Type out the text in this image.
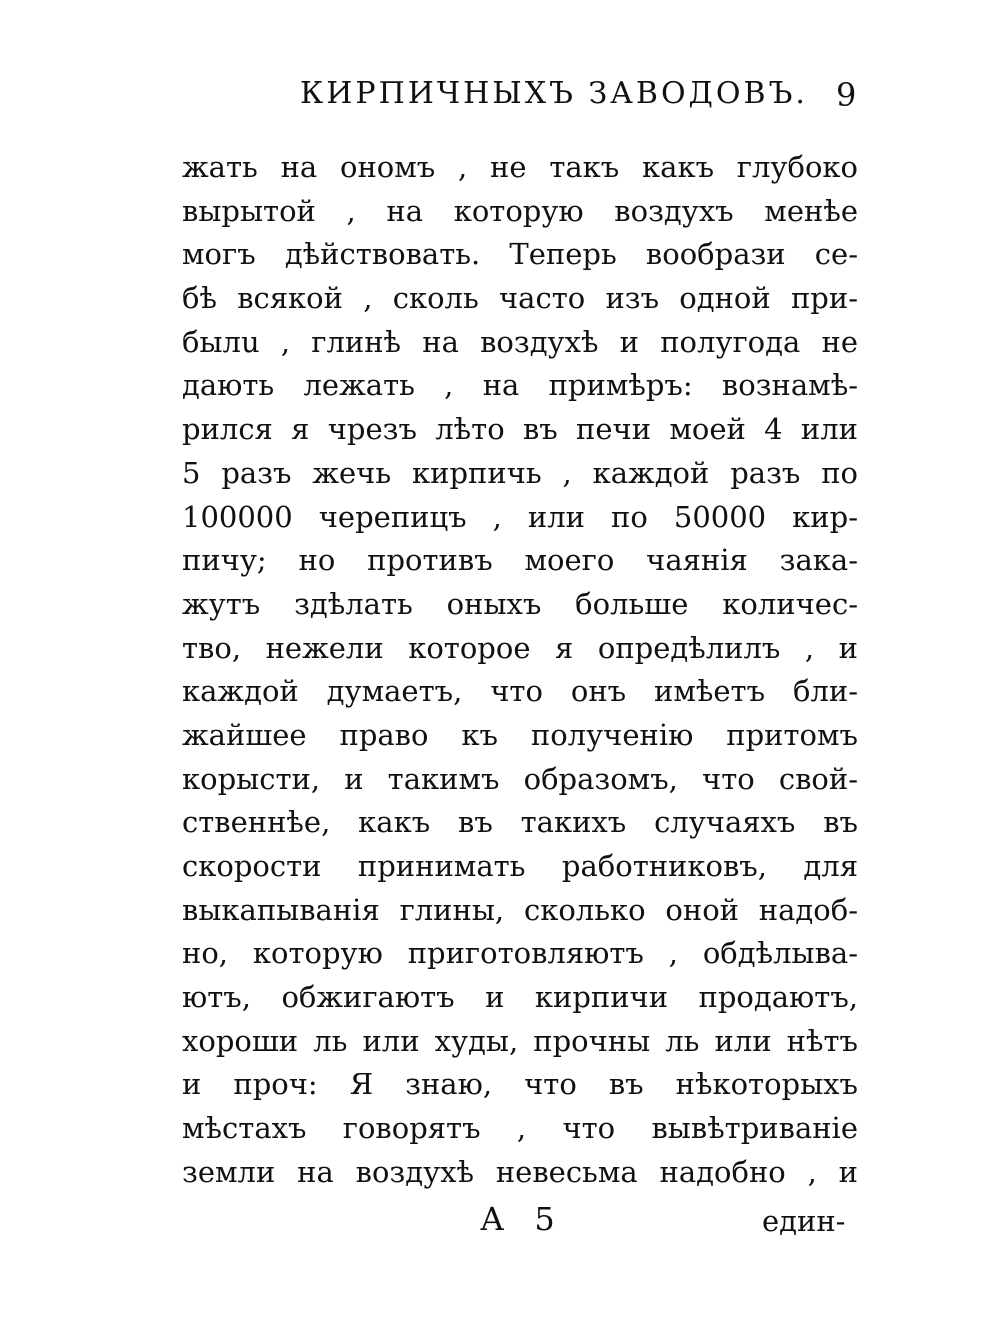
КИРПИЧНЫХЪ ЗАВОДОВЪ. 9
жать на ономъ , не такъ какъ глубоко
вырытой , на которую воздухъ менѣе
могъ дѣйствовать. Теперь вообрази се-
бѣ всякой , сколь часто изъ одной при-
былu , глинѣ на воздухѣ и полугода не
дають лежать , на примѣръ: вознамѣ-
рился я чрезъ лѣто въ печи моей 4 или
5 разъ жечь кирпичь , каждой разъ по
100000 черепицъ , или по 50000 кир-
пичу; но противъ моего чаянія зака-
жутъ здѣлать оныхъ больше количес-
тво, нежели которое я опредѣлилъ , и
каждой думаетъ, что онъ имѣетъ бли-
жайшее право къ полученію притомъ
корысти, и такимъ образомъ, что свой-
ственнѣе, какъ въ такихъ случаяхъ въ
скорости принимать работниковъ, для
выкапыванія глины, сколько оной надоб-
но, которую приготовляютъ , обдѣлыва-
ютъ, обжигаютъ и кирпичи продаютъ,
хороши ль или худы, прочны ль или нѣтъ
и проч: Я знаю, что въ нѣкоторыхъ
мѣстахъ говорятъ , что вывѣтриваніе
земли на воздухѣ невесьма надобно , и
А 5	един-
